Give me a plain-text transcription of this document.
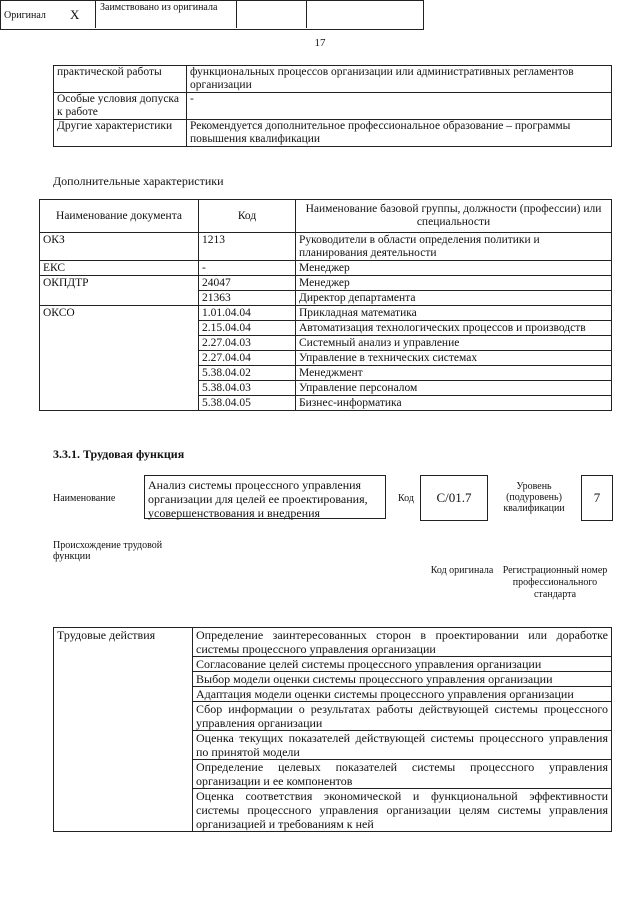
17
практической работы	функциональных процессов организации или административных регламентов организации
Особые условия допуска к работе	-
Другие характеристики	Рекомендуется дополнительное профессиональное образование – программы повышения квалификации
Дополнительные характеристики
Наименование документа	Код	Наименование базовой группы, должности (профессии) или специальности
ОКЗ	1213	Руководители в области определения политики и планирования деятельности
ЕКС	-	Менеджер
ОКПДТР	24047	Менеджер
	21363	Директор департамента
ОКСО	1.01.04.04	Прикладная математика
	2.15.04.04	Автоматизация технологических процессов и производств
	2.27.04.03	Системный анализ и управление
	2.27.04.04	Управление в технических системах
	5.38.04.02	Менеджмент
	5.38.04.03	Управление персоналом
	5.38.04.05	Бизнес-информатика
3.3.1. Трудовая функция
Наименование
Анализ системы процессного управления организации для целей ее проектирования, усовершенствования и внедрения
Код	C/01.7
Уровень (подуровень) квалификации
7
Происхождение трудовой функции
Оригинал X Заимствовано из оригинала
Код оригинала Регистрационный номер профессионального стандарта
Трудовые действия	Определение заинтересованных сторон в проектировании или доработке системы процессного управления организации
Согласование целей системы процессного управления организации
Выбор модели оценки системы процессного управления организации
Адаптация модели оценки системы процессного управления организации
Сбор информации о результатах работы действующей системы процессного управления организации
Оценка текущих показателей действующей системы процессного управления по принятой модели
Определение целевых показателей системы процессного управления организации и ее компонентов
Оценка соответствия экономической и функциональной эффективности системы процессного управления организации целям системы управления организацией и требованиям к ней
